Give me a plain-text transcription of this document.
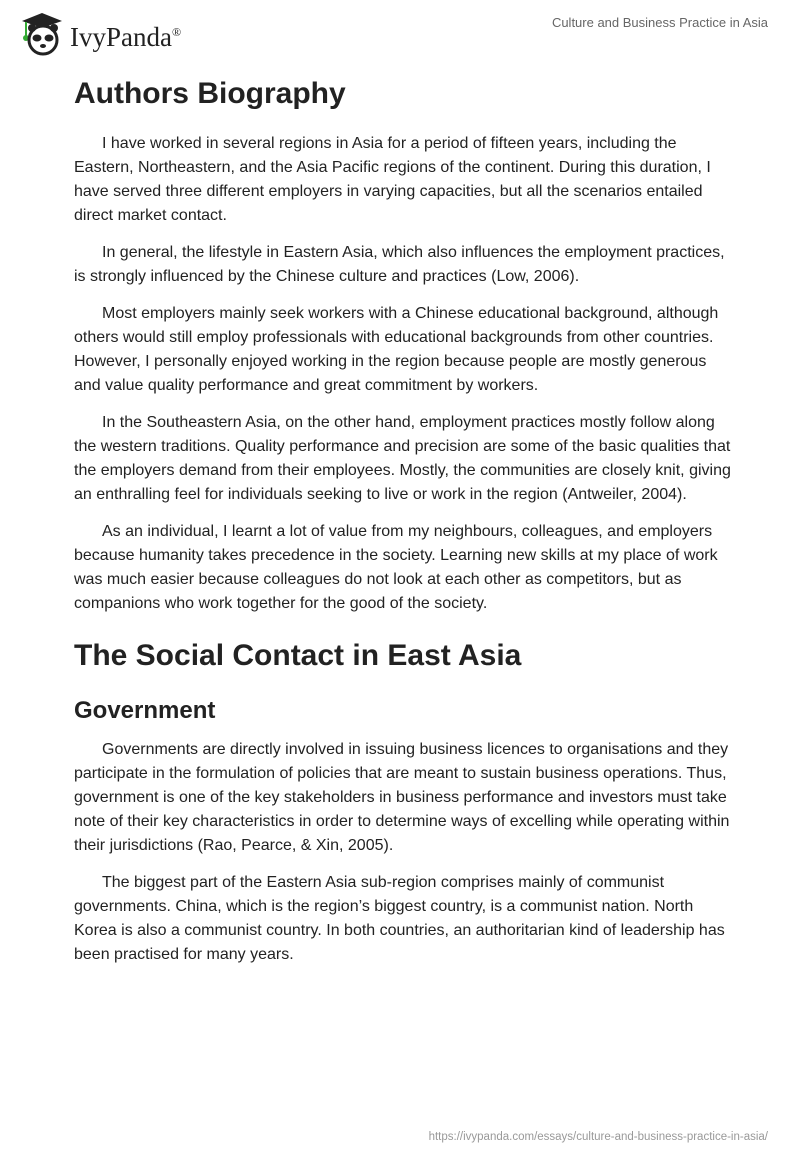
IvyPanda®
Culture and Business Practice in Asia
Authors Biography

I have worked in several regions in Asia for a period of fifteen years, including the Eastern, Northeastern, and the Asia Pacific regions of the continent. During this duration, I have served three different employers in varying capacities, but all the scenarios entailed direct market contact.

In general, the lifestyle in Eastern Asia, which also influences the employment practices, is strongly influenced by the Chinese culture and practices (Low, 2006).

Most employers mainly seek workers with a Chinese educational background, although others would still employ professionals with educational backgrounds from other countries. However, I personally enjoyed working in the region because people are mostly generous and value quality performance and great commitment by workers.

In the Southeastern Asia, on the other hand, employment practices mostly follow along the western traditions. Quality performance and precision are some of the basic qualities that the employers demand from their employees. Mostly, the communities are closely knit, giving an enthralling feel for individuals seeking to live or work in the region (Antweiler, 2004).

As an individual, I learnt a lot of value from my neighbours, colleagues, and employers because humanity takes precedence in the society. Learning new skills at my place of work was much easier because colleagues do not look at each other as competitors, but as companions who work together for the good of the society.

The Social Contact in East Asia
Government

Governments are directly involved in issuing business licences to organisations and they participate in the formulation of policies that are meant to sustain business operations. Thus, government is one of the key stakeholders in business performance and investors must take note of their key characteristics in order to determine ways of excelling while operating within their jurisdictions (Rao, Pearce, & Xin, 2005).

The biggest part of the Eastern Asia sub-region comprises mainly of communist governments. China, which is the region’s biggest country, is a communist nation. North Korea is also a communist country. In both countries, an authoritarian kind of leadership has been practised for many years.

https://ivypanda.com/essays/culture-and-business-practice-in-asia/
